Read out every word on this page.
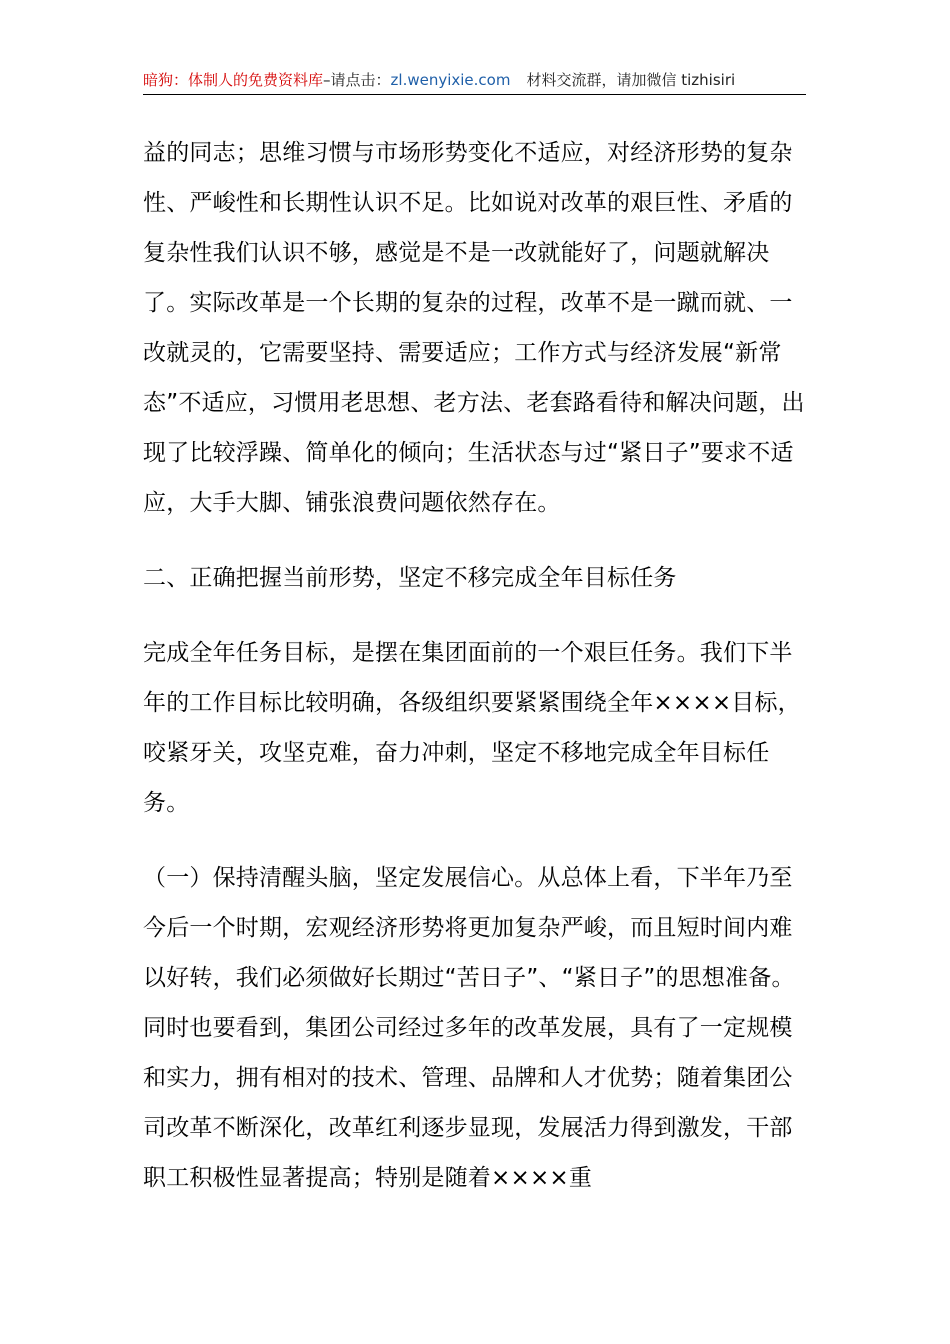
暗狗：体制人的免费资料库–请点击：zl.wenyixie.com 材料交流群，请加微信 tizhisiri

益的同志；思维习惯与市场形势变化不适应，对经济形势的复杂性、严峻性和长期性认识不足。比如说对改革的艰巨性、矛盾的复杂性我们认识不够，感觉是不是一改就能好了，问题就解决了。实际改革是一个长期的复杂的过程，改革不是一蹴而就、一改就灵的，它需要坚持、需要适应；工作方式与经济发展“新常态”不适应，习惯用老思想、老方法、老套路看待和解决问题，出现了比较浮躁、简单化的倾向；生活状态与过“紧日子”要求不适应，大手大脚、铺张浪费问题依然存在。

二、正确把握当前形势，坚定不移完成全年目标任务

完成全年任务目标，是摆在集团面前的一个艰巨任务。我们下半年的工作目标比较明确，各级组织要紧紧围绕全年××××目标，咬紧牙关，攻坚克难，奋力冲刺，坚定不移地完成全年目标任务。

（一）保持清醒头脑，坚定发展信心。从总体上看，下半年乃至今后一个时期，宏观经济形势将更加复杂严峻，而且短时间内难以好转，我们必须做好长期过“苦日子”、“紧日子”的思想准备。同时也要看到，集团公司经过多年的改革发展，具有了一定规模和实力，拥有相对的技术、管理、品牌和人才优势；随着集团公司改革不断深化，改革红利逐步显现，发展活力得到激发，干部职工积极性显著提高；特别是随着××××重
